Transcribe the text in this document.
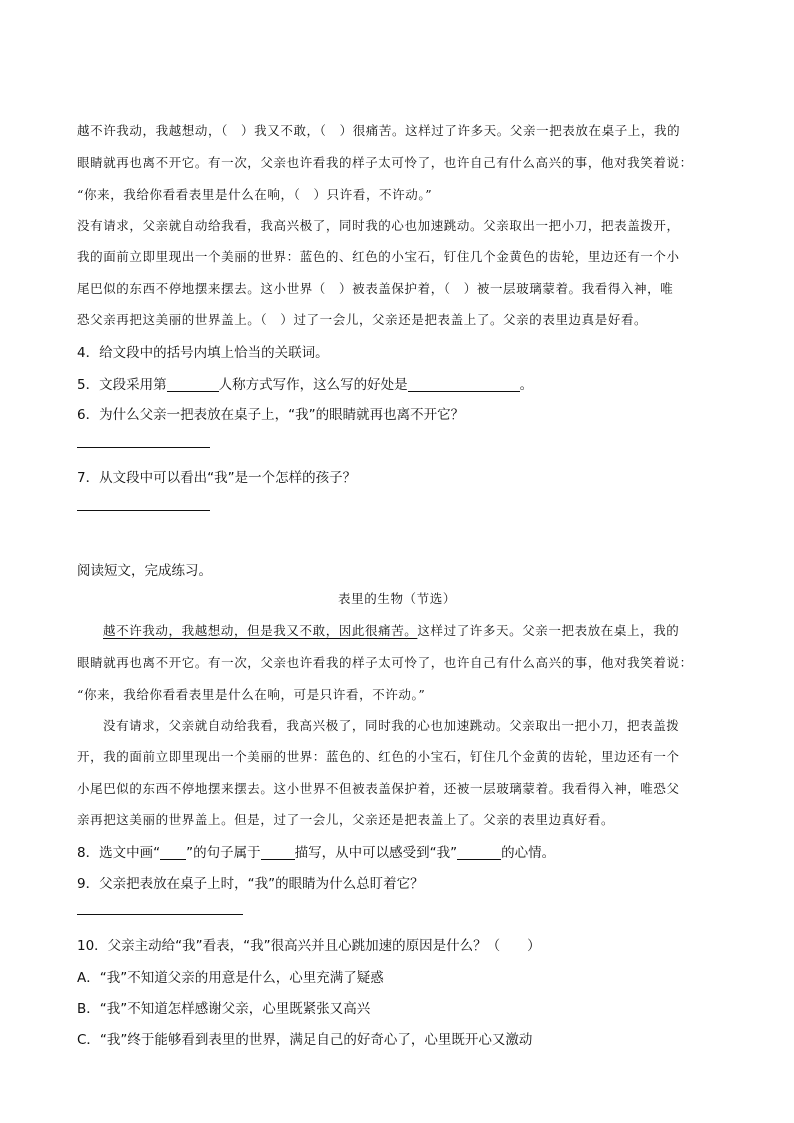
越不许我动，我越想动，（　）我又不敢，（　）很痛苦。这样过了许多天。父亲一把表放在桌子上，我的
眼睛就再也离不开它。有一次，父亲也许看我的样子太可怜了，也许自己有什么高兴的事，他对我笑着说：
“你来，我给你看看表里是什么在响，（　）只许看，不许动。”
没有请求，父亲就自动给我看，我高兴极了，同时我的心也加速跳动。父亲取出一把小刀，把表盖拨开，
我的面前立即里现出一个美丽的世界：蓝色的、红色的小宝石，钉住几个金黄色的齿轮，里边还有一个小
尾巴似的东西不停地摆来摆去。这小世界（　）被表盖保护着，（　）被一层玻璃蒙着。我看得入神，唯
恐父亲再把这美丽的世界盖上。（　）过了一会儿，父亲还是把表盖上了。父亲的表里边真是好看。
4．给文段中的括号内填上恰当的关联词。
5．文段采用第	人称方式写作，这么写的好处是	。
6．为什么父亲一把表放在桌子上，“我”的眼睛就再也离不开它？
7．从文段中可以看出“我”是一个怎样的孩子？
阅读短文，完成练习。
表里的生物（节选）
越不许我动，我越想动，但是我又不敢，因此很痛苦。这样过了许多天。父亲一把表放在桌上，我的
眼睛就再也离不开它。有一次，父亲也许看我的样子太可怜了，也许自己有什么高兴的事，他对我笑着说：
“你来，我给你看看表里是什么在响，可是只许看，不许动。”
没有请求，父亲就自动给我看，我高兴极了，同时我的心也加速跳动。父亲取出一把小刀，把表盖拨
开，我的面前立即里现出一个美丽的世界：蓝色的、红色的小宝石，钉住几个金黄的齿轮，里边还有一个
小尾巴似的东西不停地摆来摆去。这小世界不但被表盖保护着，还被一层玻璃蒙着。我看得入神，唯恐父
亲再把这美丽的世界盖上。但是，过了一会儿，父亲还是把表盖上了。父亲的表里边真好看。
8．选文中画“ ”的句子属于	描写，从中可以感受到“我”	的心情。
9．父亲把表放在桌子上时，“我”的眼睛为什么总盯着它？
10．父亲主动给“我”看表，“我”很高兴并且心跳加速的原因是什么？（　　）
A．“我”不知道父亲的用意是什么，心里充满了疑惑
B．“我”不知道怎样感谢父亲，心里既紧张又高兴
C．“我”终于能够看到表里的世界，满足自己的好奇心了，心里既开心又激动
